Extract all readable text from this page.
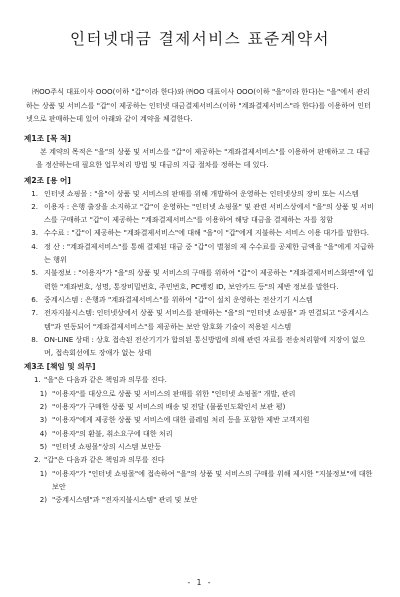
인터넷대금 결제서비스 표준계약서

㈜OO주식 대표이사 OOO(이하 "갑"이라 한다)와 ㈜OO 대표이사 OOO(이하 "을"이라 한다)는 "을"에서 관리하는 상품 및 서비스를 "갑"이 제공하는 인터넷 대금결제서비스(이하 "계좌결제서비스"라 한다)를 이용하여 인터넷으로 판매하는데 있어 아래와 같이 계약을 체결한다.

제1조 [목 적]

본 계약의 목적은 "을"의 상품 및 서비스를 "갑"이 제공하는 "계좌결제서비스"를 이용하여 판매하고 그 대금을 정산하는데 필요한 업무처리 방법 및 대금의 지급 절차를 정하는 데 있다.

제2조 [용 어]
1. 인터넷 쇼핑몰 : "을"이 상품 및 서비스의 판매를 위해 개발하여 운영하는 인터넷상의 장비 또는 시스템
2. 이용자 : 은행 출장을 소지하고 "갑"이 운영하는 "인터넷 쇼핑몰" 및 관련 서비스상에서 "을"의 상품 및 서비스를 구매하고 "갑"이 제공하는 "계좌결제서비스"를 이용하여 해당 대금을 결제하는 자를 칭함
3. 수수료 : "갑"이 제공하는 "계좌결제서비스"에 대해 "을"이 "갑"에게 지불하는 서비스 이용 대가를 말한다.
4. 정 산 : "계좌결제서비스"를 통해 결제된 대금 중 "갑"이 별첨의 제 수수료를 공제한 금액을 "을"에게 지급하는 행위
5. 지불정보 : "이용자"가 "을"의 상품 및 서비스의 구매를 위하여 "갑"이 제공하는 "계좌결제서비스화면"에 입력한 "계좌번호, 성명, 통장비밀번호, 주민번호, PC뱅킹 ID, 보안카드 등"의 제반 정보를 말한다.
6. 중계시스템 : 은행과 "계좌결제서비스"를 위하여 "갑"이 설치 운영하는 전산기기 시스템
7. 전자지불시스템: 인터넷상에서 상품 및 서비스를 판매하는 "을"의 "인터넷 쇼핑몰" 과 연결되고 "중계시스템"과 연동되어 "계좌결제서비스"를 제공하는 보안 암호화 기술이 적용된 시스템
8. ON-LINE 상태 : 상호 접속된 전산기기가 합의된 통신방법에 의해 관련 자료를 전송처리함에 지장이 없으며, 접속회선에도 장애가 없는 상태
제3조 [책임 및 의무]
1. "을"은 다음과 같은 책임과 의무를 진다.
1) "이용자"를 대상으로 상품 및 서비스의 판매를 위한 "인터넷 쇼핑몰" 개발, 관리
2) "이용자"가 구매한 상품 및 서비스의 배송 및 전달 (물품인도확인서 보관 평)
3) "이용자"에게 제공한 상품 및 서비스에 대한 클레임 처리 등을 포함한 제반 고객지원
4) "이용자"의 환불, 취소요구에 대한 처리
5) "인터넷 쇼핑몰"상의 시스템 보안등
2. "갑"은 다음과 같은 책임과 의무를 진다
1) "이용자"가 "인터넷 쇼핑몰"에 접속하여 "을"의 상품 및 서비스의 구매를 위해 제시한 "지불정보"에 대한 보안
2) "중계시스템"과 "전자지불시스템" 관리 및 보안
- 1 -
